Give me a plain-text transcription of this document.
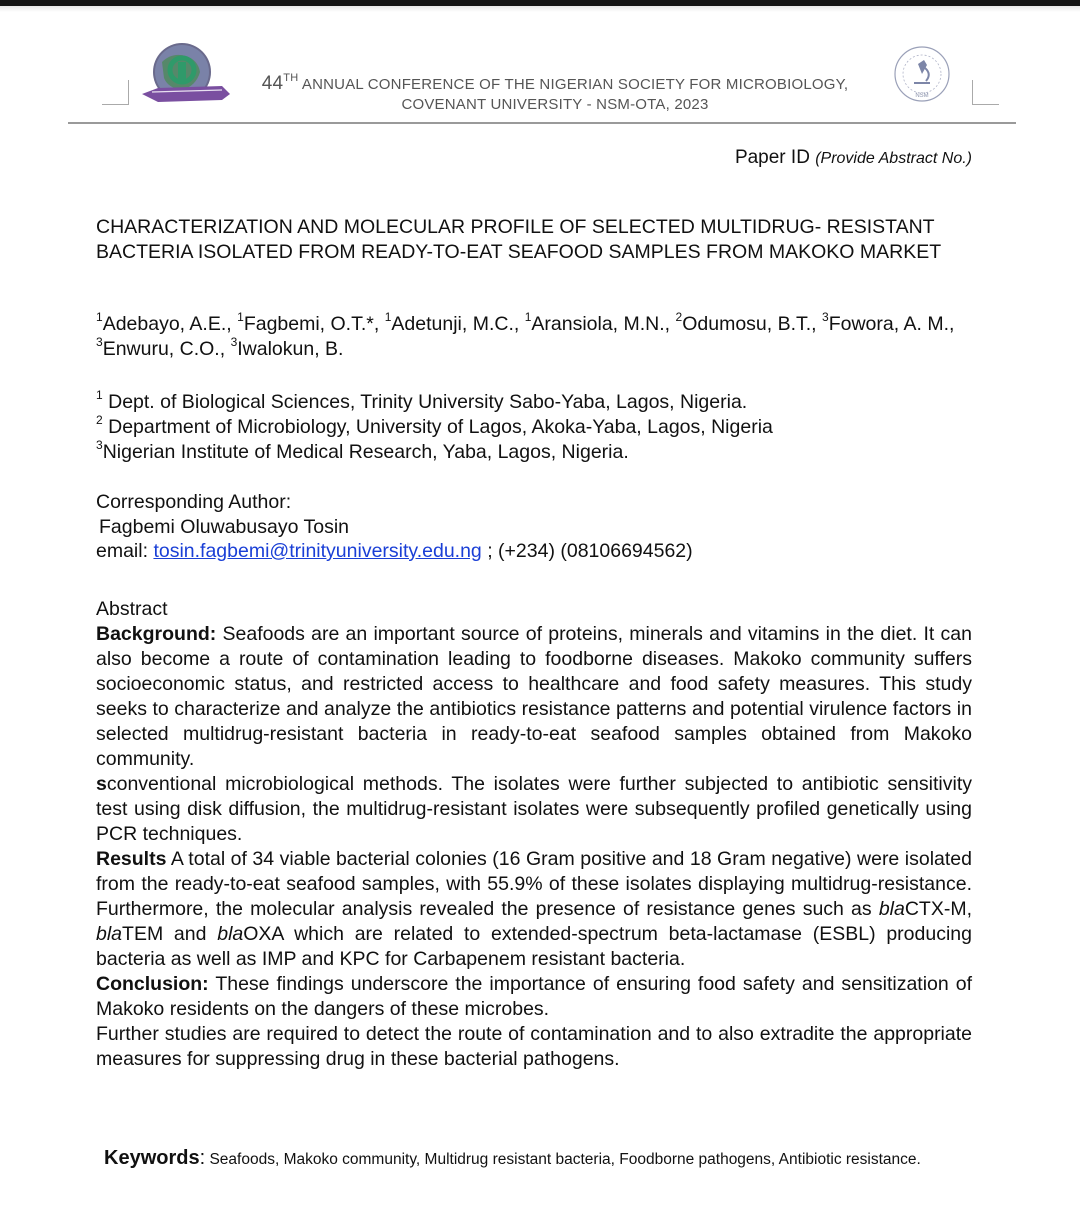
NSM
44TH ANNUAL CONFERENCE OF THE NIGERIAN SOCIETY FOR MICROBIOLOGY,
COVENANT UNIVERSITY - NSM-OTA, 2023
Paper ID (Provide Abstract No.)
CHARACTERIZATION AND MOLECULAR PROFILE OF SELECTED MULTIDRUG- RESISTANT BACTERIA ISOLATED FROM READY-TO-EAT SEAFOOD SAMPLES FROM MAKOKO MARKET
$^1$Adebayo, A.E., $^1$Fagbemi, O.T.*, $^1$Adetunji, M.C., $^1$Aransiola, M.N., $^2$Odumosu, B.T., $^3$Fowora, A. M., $^3$Enwuru, C.O., $^3$Iwalokun, B.
$^1$ Dept. of Biological Sciences, Trinity University Sabo-Yaba, Lagos, Nigeria.
$^2$ Department of Microbiology, University of Lagos, Akoka-Yaba, Lagos, Nigeria
$^3$Nigerian Institute of Medical Research, Yaba, Lagos, Nigeria.
Corresponding Author:
Fagbemi Oluwabusayo Tosin
email: tosin.fagbemi@trinityuniversity.edu.ng ; (+234) (08106694562)

Abstract

Background: Seafoods are an important source of proteins, minerals and vitamins in the diet. It can also become a route of contamination leading to foodborne diseases. Makoko community suffers socioeconomic status, and restricted access to healthcare and food safety measures. This study seeks to characterize and analyze the antibiotics resistance patterns and potential virulence factors in selected multidrug-resistant bacteria in ready-to-eat seafood samples obtained from Makoko community.

sconventional microbiological methods. The isolates were further subjected to antibiotic sensitivity test using disk diffusion, the multidrug-resistant isolates were subsequently profiled genetically using PCR techniques.

Results A total of 34 viable bacterial colonies (16 Gram positive and 18 Gram negative) were isolated from the ready-to-eat seafood samples, with 55.9% of these isolates displaying multidrug-resistance. Furthermore, the molecular analysis revealed the presence of resistance genes such as blaCTX-M, blaTEM and blaOXA which are related to extended-spectrum beta-lactamase (ESBL) producing bacteria as well as IMP and KPC for Carbapenem resistant bacteria.

Conclusion: These findings underscore the importance of ensuring food safety and sensitization of Makoko residents on the dangers of these microbes.

Further studies are required to detect the route of contamination and to also extradite the appropriate measures for suppressing drug in these bacterial pathogens.

Keywords: Seafoods, Makoko community, Multidrug resistant bacteria, Foodborne pathogens, Antibiotic resistance.
